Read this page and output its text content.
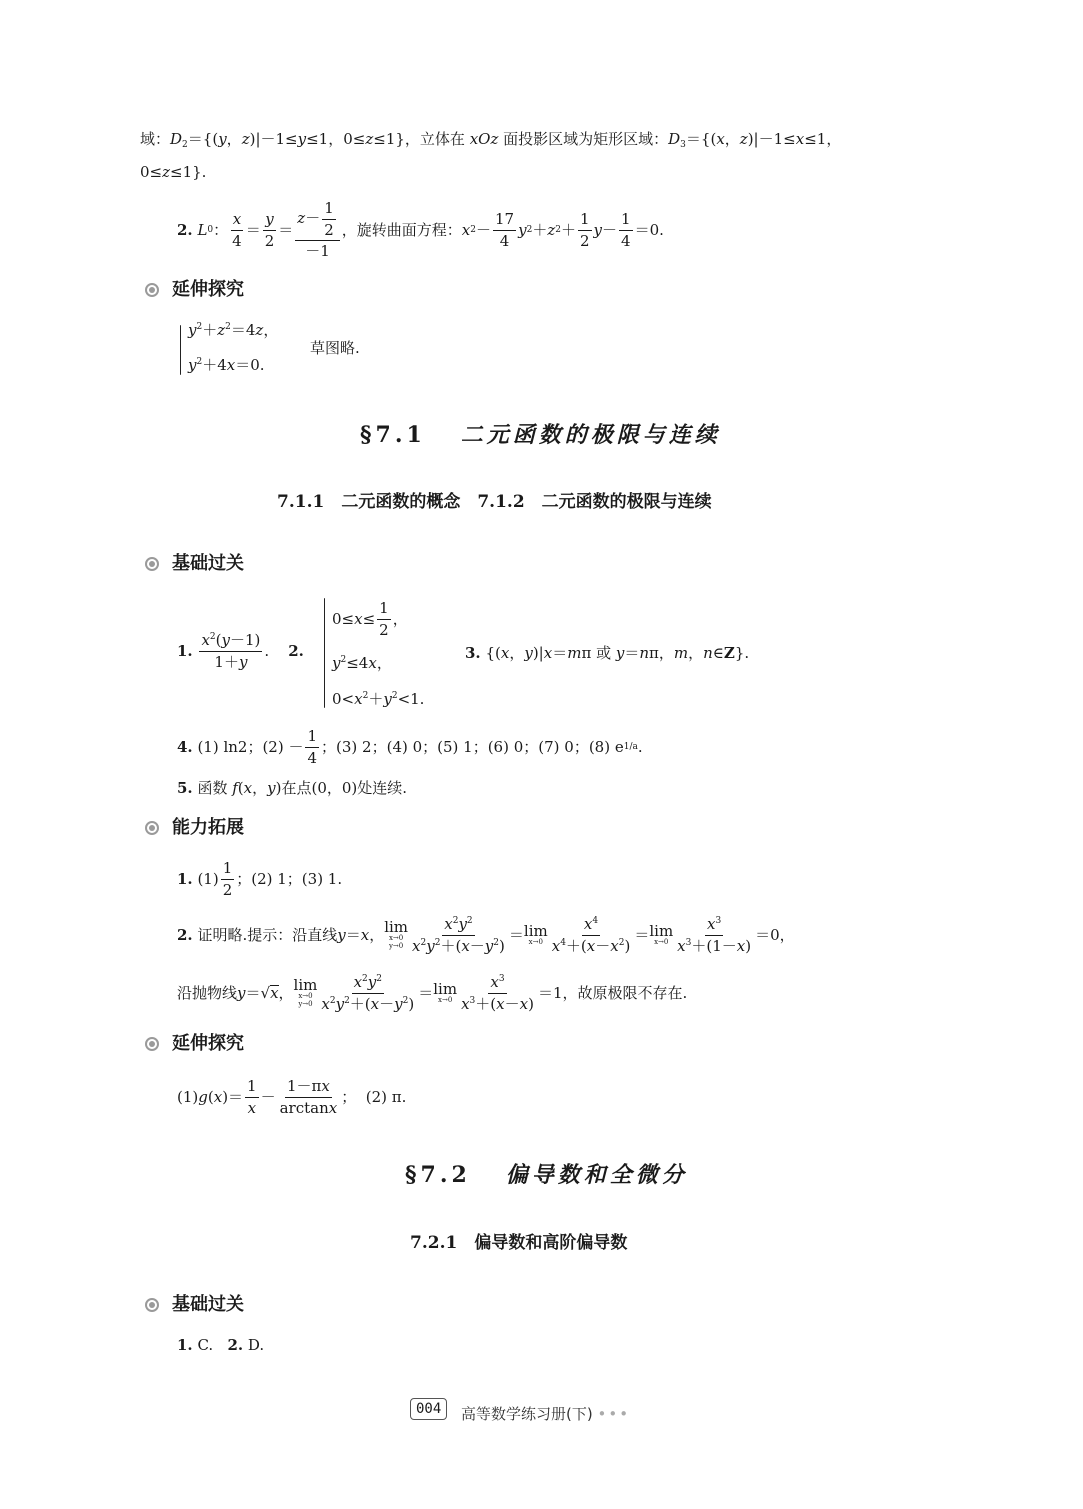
域：$D_2=\{(y$，z)|－1≤y≤1，0≤z≤1}，立体在 xOz 面投影区域为矩形区域：$D_3=\{(x$，z)|－1≤x≤1，
0≤z≤1}.
2.
L 0 ： $\frac{x}{4} = \frac{y}{2} = \frac{z- \frac{1}{2}}{-1}$ ，旋转曲面方程： x $2 - \frac{17}{4}$ y 2 ＋ z $2 + \frac{1}{2}$ $y - \frac{1}{4} =0$.
延伸探究
$y^2+z^2=4z$，
$y^2+4x=0$.
草图略.
§7.1 二元函数的极限与连续
7.1.1　二元函数的概念　7.1.2　二元函数的极限与连续
基础过关
1.
$\frac{x^2(y-1)}{1+y}$ . 2.
$0\le x \le \frac{1}{2}$ ，
$y^2\le 4x$，
$0<x^2+y^2<1$.
3. {(x，y)|x＝mπ 或 y＝nπ，m，n∈Z}.
4. (1) ln2；$(2) - \frac{1}{4}$ ；(3) 2；(4) 0；(5) 1；(6) 0；(7) 0；(8) e 1/a .
5. 函数 f(x，y)在点(0，0)处连续.
能力拓展
1. $(1) \frac{1}{2}$ ；(2) 1；(3) 1.
2. 证明略.提示：沿直线 y ＝ x ， lim
x→0
$y\to 0 \frac{x^2y^2}{x^2y^2+(x-y^2)} = \lim$
$x\to 0 \frac{x^4}{x^4+(x-x^2)} = \lim$
$x\to 0 \frac{x^3}{x^3+(1-x)} =0$，
沿抛物线 y ＝√ x ， lim
x→0
$y\to 0 \frac{x^2y^2}{x^2y^2+(x-y^2)} = \lim$
$x\to 0 \frac{x^3}{x^3+(x-x)} =1$，故原极限不存在.
延伸探究
(1) g ( x )＝ $\frac{1}{x} - \frac{1-\pi x}{\arctan x}$ ；  (2) π.
§7.2 偏导数和全微分
7.2.1　偏导数和高阶偏导数
基础过关
1. C.   2. D.
004	高等数学练习册(下) •••
